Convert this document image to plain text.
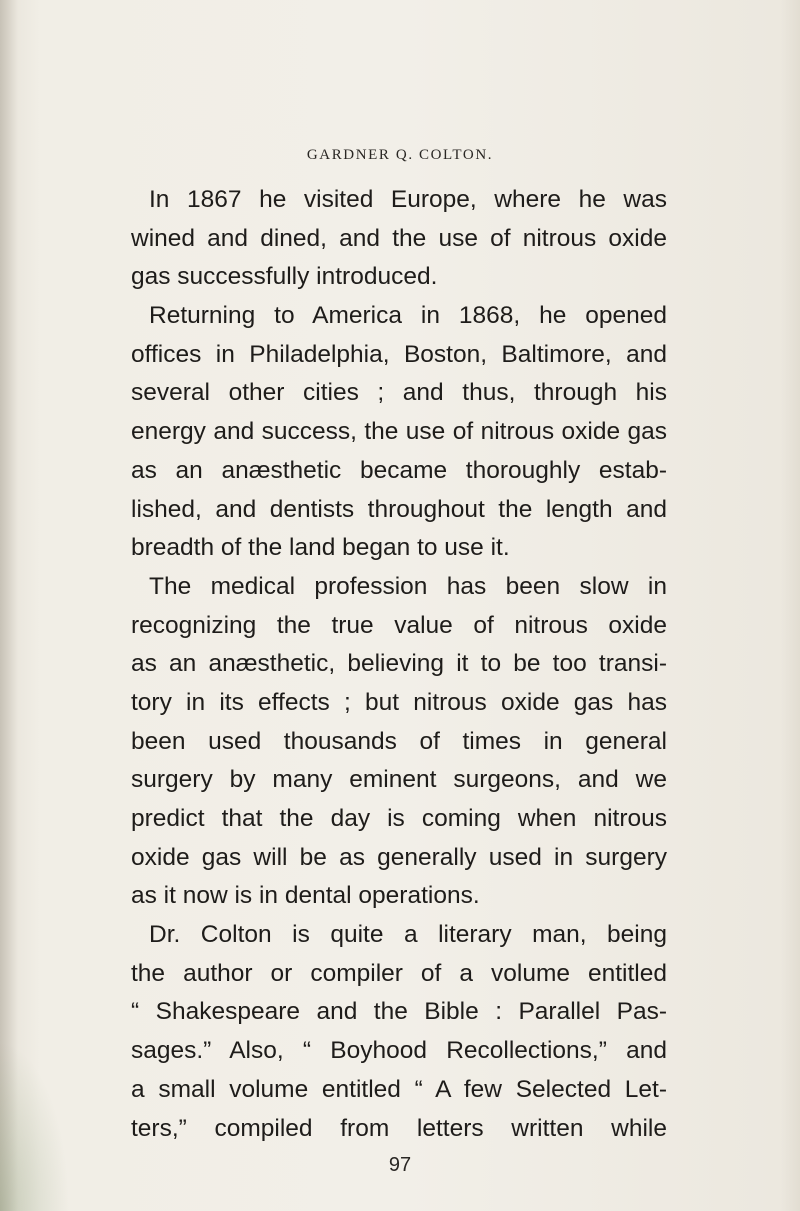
GARDNER Q. COLTON.
In 1867 he visited Europe, where he was
wined and dined, and the use of nitrous oxide
gas successfully introduced.
Returning to America in 1868, he opened
offices in Philadelphia, Boston, Baltimore, and
several other cities ; and thus, through his
energy and success, the use of nitrous oxide gas
as an anæsthetic became thoroughly estab-
lished, and dentists throughout the length and
breadth of the land began to use it.
The medical profession has been slow in
recognizing the true value of nitrous oxide
as an anæsthetic, believing it to be too transi-
tory in its effects ; but nitrous oxide gas has
been used thousands of times in general
surgery by many eminent surgeons, and we
predict that the day is coming when nitrous
oxide gas will be as generally used in surgery
as it now is in dental operations.
Dr. Colton is quite a literary man, being
the author or compiler of a volume entitled
“ Shakespeare and the Bible : Parallel Pas-
sages.” Also, “ Boyhood Recollections,” and
a small volume entitled “ A few Selected Let-
ters,” compiled from letters written while
97
